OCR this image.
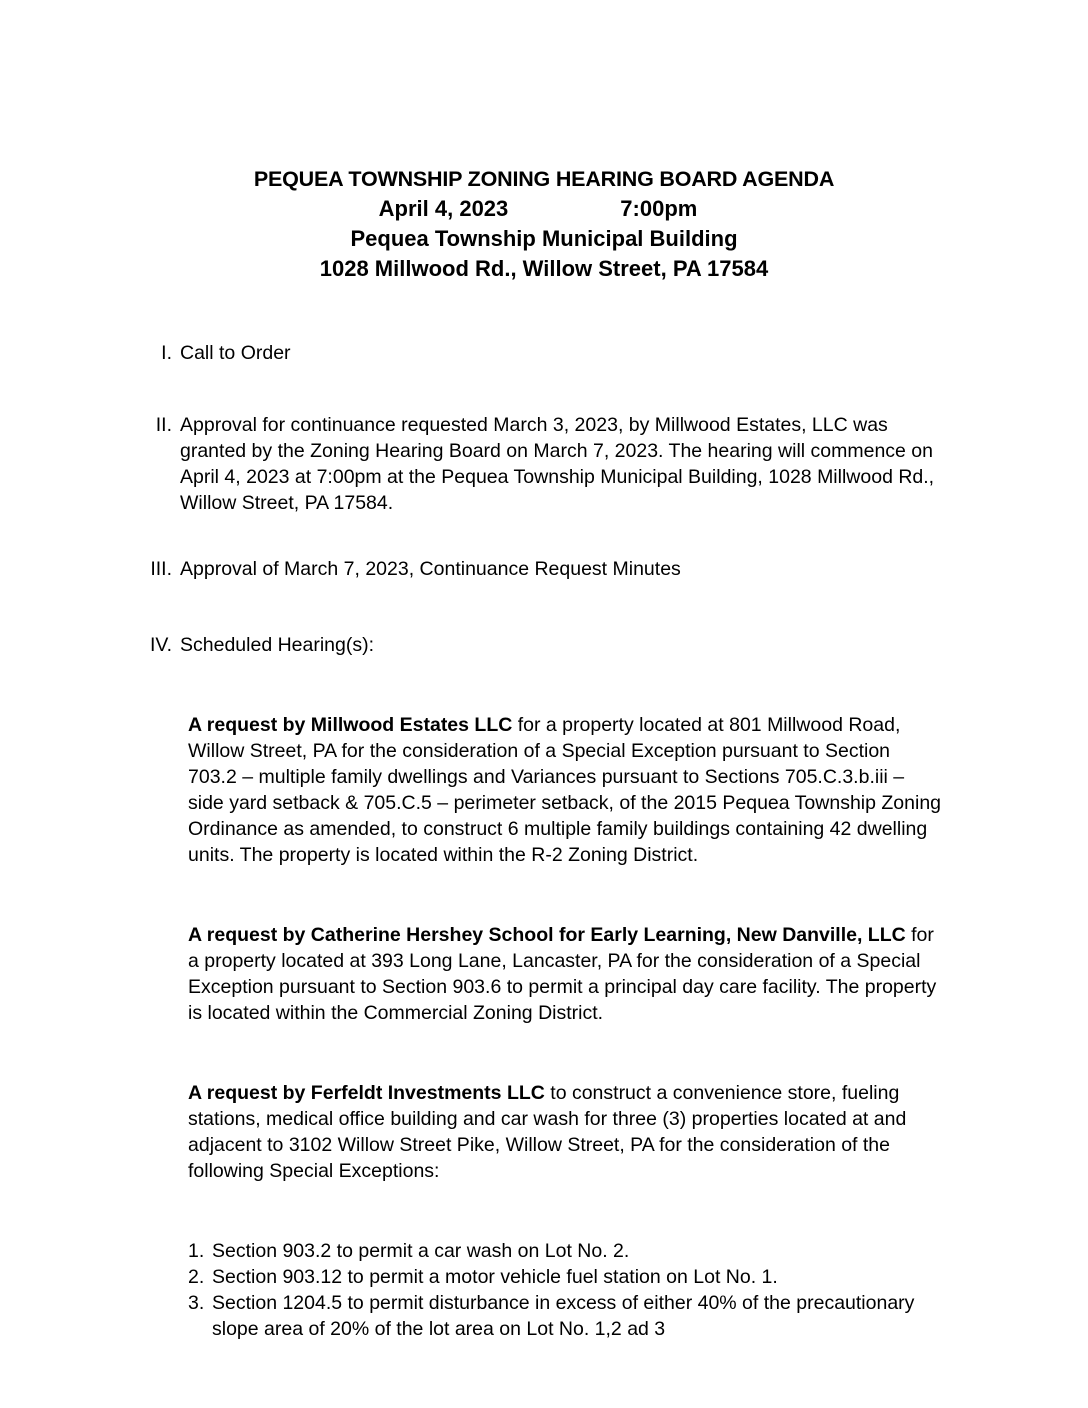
PEQUEA TOWNSHIP ZONING HEARING BOARD AGENDA
April 4, 2023	7:00pm
Pequea Township Municipal Building
1028 Millwood Rd., Willow Street, PA 17584
I. Call to Order
II. Approval for continuance requested March 3, 2023, by Millwood Estates, LLC was granted by the Zoning Hearing Board on March 7, 2023. The hearing will commence on April 4, 2023 at 7:00pm at the Pequea Township Municipal Building, 1028 Millwood Rd., Willow Street, PA 17584.
III. Approval of March 7, 2023, Continuance Request Minutes
IV. Scheduled Hearing(s):
A request by Millwood Estates LLC for a property located at 801 Millwood Road, Willow Street, PA for the consideration of a Special Exception pursuant to Section 703.2 – multiple family dwellings and Variances pursuant to Sections 705.C.3.b.iii – side yard setback & 705.C.5 – perimeter setback, of the 2015 Pequea Township Zoning Ordinance as amended, to construct 6 multiple family buildings containing 42 dwelling units. The property is located within the R-2 Zoning District.
A request by Catherine Hershey School for Early Learning, New Danville, LLC for a property located at 393 Long Lane, Lancaster, PA for the consideration of a Special Exception pursuant to Section 903.6 to permit a principal day care facility. The property is located within the Commercial Zoning District.
A request by Ferfeldt Investments LLC to construct a convenience store, fueling stations, medical office building and car wash for three (3) properties located at and adjacent to 3102 Willow Street Pike, Willow Street, PA for the consideration of the following Special Exceptions:
1. Section 903.2 to permit a car wash on Lot No. 2.
2. Section 903.12 to permit a motor vehicle fuel station on Lot No. 1.
3. Section 1204.5 to permit disturbance in excess of either 40% of the precautionary slope area of 20% of the lot area on Lot No. 1,2 ad 3
